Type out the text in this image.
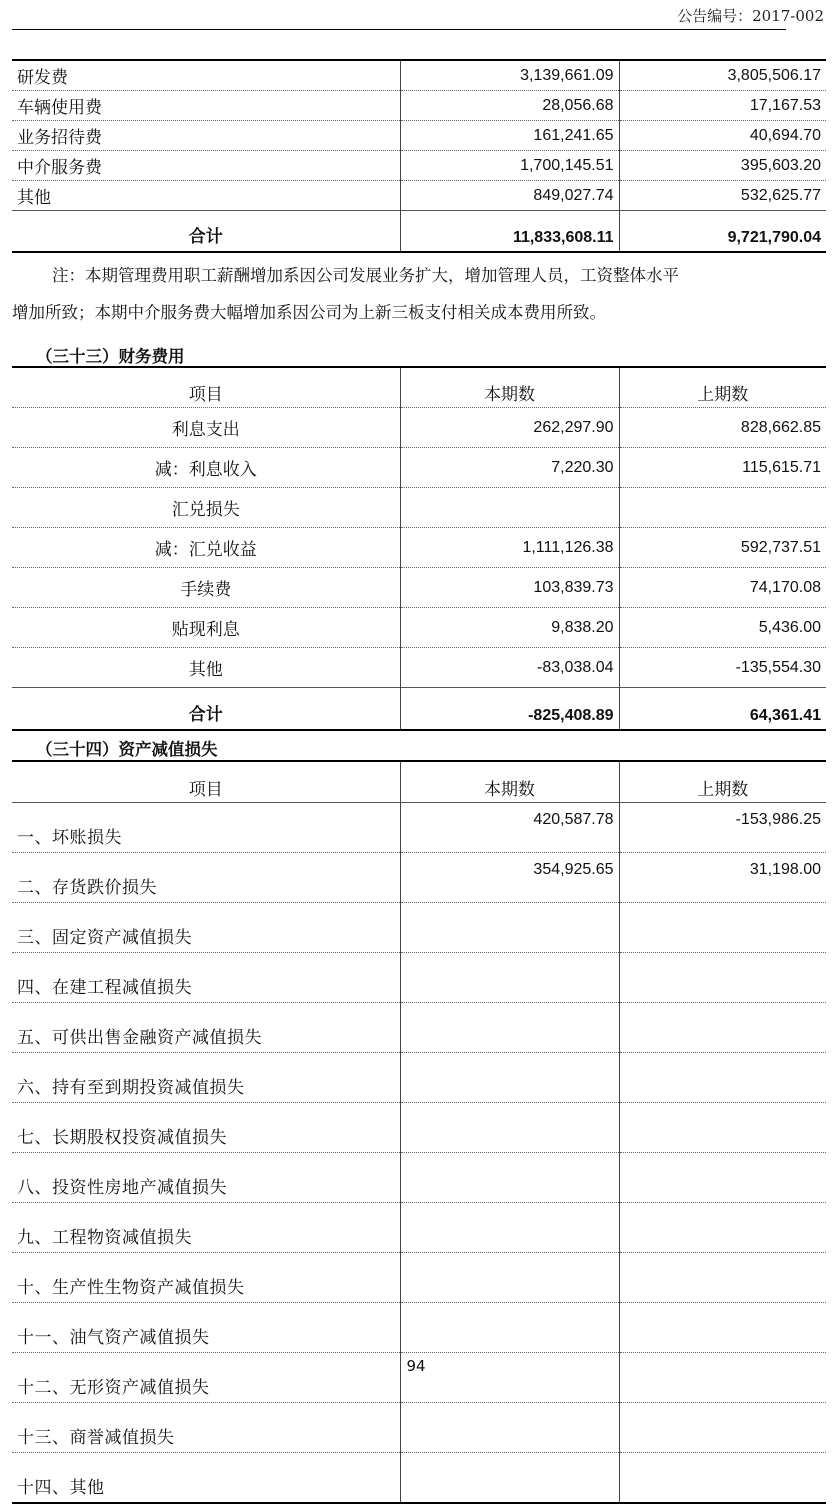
公告编号：2017-002
研发费	3,139,661.09	3,805,506.17
车辆使用费	28,056.68	17,167.53
业务招待费	161,241.65	40,694.70
中介服务费	1,700,145.51	395,603.20
其他	849,027.74	532,625.77
合计	11,833,608.11	9,721,790.04
注：本期管理费用职工薪酬增加系因公司发展业务扩大，增加管理人员，工资整体水平
增加所致；本期中介服务费大幅增加系因公司为上新三板支付相关成本费用所致。
（三十三）财务费用
项目	本期数	上期数
利息支出	262,297.90	828,662.85
减：利息收入	7,220.30	115,615.71
汇兑损失		
减：汇兑收益	1,111,126.38	592,737.51
手续费	103,839.73	74,170.08
贴现利息	9,838.20	5,436.00
其他	-83,038.04	-135,554.30
合计	-825,408.89	64,361.41
（三十四）资产减值损失
项目	本期数	上期数
一、坏账损失	420,587.78	-153,986.25
二、存货跌价损失	354,925.65	31,198.00
三、固定资产减值损失		
四、在建工程减值损失		
五、可供出售金融资产减值损失		
六、持有至到期投资减值损失		
七、长期股权投资减值损失		
八、投资性房地产减值损失		
九、工程物资减值损失		
十、生产性生物资产减值损失		
十一、油气资产减值损失		
十二、无形资产减值损失		
十三、商誉减值损失		
十四、其他		
94
